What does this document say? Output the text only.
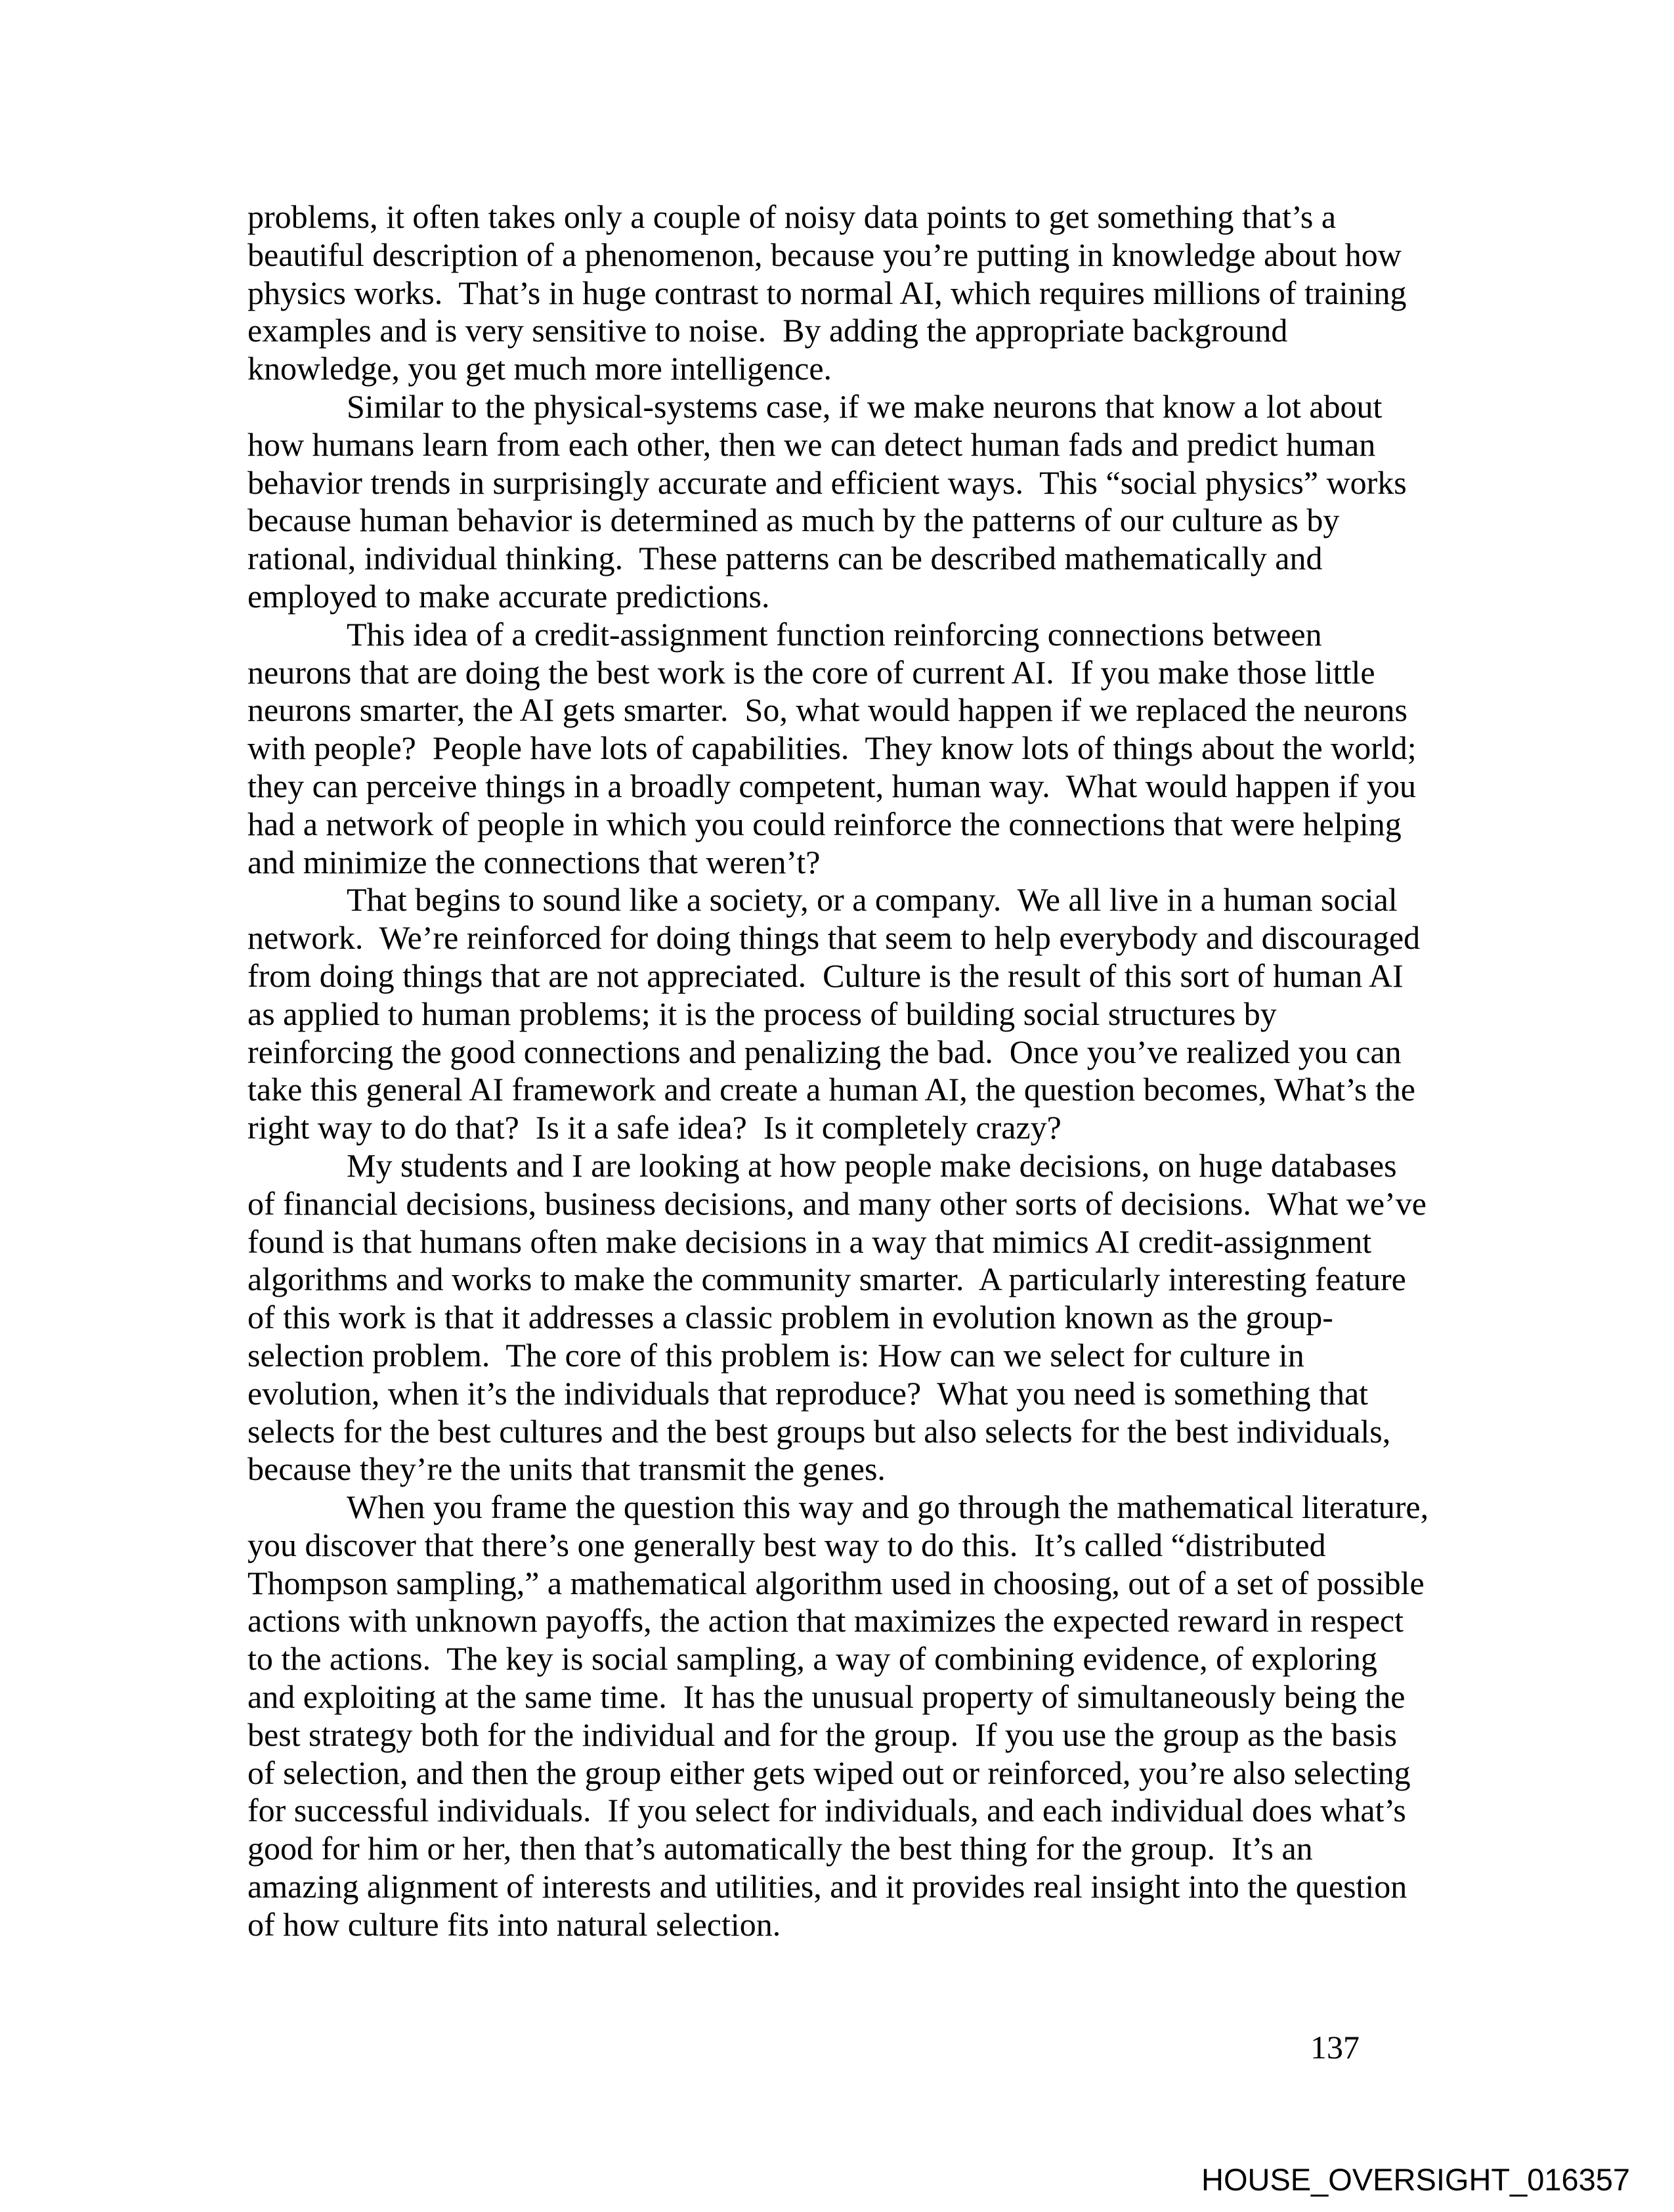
problems, it often takes only a couple of noisy data points to get something that’s a
beautiful description of a phenomenon, because you’re putting in knowledge about how
physics works.  That’s in huge contrast to normal AI, which requires millions of training
examples and is very sensitive to noise.  By adding the appropriate background
knowledge, you get much more intelligence.

Similar to the physical-systems case, if we make neurons that know a lot about
how humans learn from each other, then we can detect human fads and predict human
behavior trends in surprisingly accurate and efficient ways.  This “social physics” works
because human behavior is determined as much by the patterns of our culture as by
rational, individual thinking.  These patterns can be described mathematically and
employed to make accurate predictions.

This idea of a credit-assignment function reinforcing connections between
neurons that are doing the best work is the core of current AI.  If you make those little
neurons smarter, the AI gets smarter.  So, what would happen if we replaced the neurons
with people?  People have lots of capabilities.  They know lots of things about the world;
they can perceive things in a broadly competent, human way.  What would happen if you
had a network of people in which you could reinforce the connections that were helping
and minimize the connections that weren’t?

That begins to sound like a society, or a company.  We all live in a human social
network.  We’re reinforced for doing things that seem to help everybody and discouraged
from doing things that are not appreciated.  Culture is the result of this sort of human AI
as applied to human problems; it is the process of building social structures by
reinforcing the good connections and penalizing the bad.  Once you’ve realized you can
take this general AI framework and create a human AI, the question becomes, What’s the
right way to do that?  Is it a safe idea?  Is it completely crazy?

My students and I are looking at how people make decisions, on huge databases
of financial decisions, business decisions, and many other sorts of decisions.  What we’ve
found is that humans often make decisions in a way that mimics AI credit-assignment
algorithms and works to make the community smarter.  A particularly interesting feature
of this work is that it addresses a classic problem in evolution known as the group-
selection problem.  The core of this problem is: How can we select for culture in
evolution, when it’s the individuals that reproduce?  What you need is something that
selects for the best cultures and the best groups but also selects for the best individuals,
because they’re the units that transmit the genes.

When you frame the question this way and go through the mathematical literature,
you discover that there’s one generally best way to do this.  It’s called “distributed
Thompson sampling,” a mathematical algorithm used in choosing, out of a set of possible
actions with unknown payoffs, the action that maximizes the expected reward in respect
to the actions.  The key is social sampling, a way of combining evidence, of exploring
and exploiting at the same time.  It has the unusual property of simultaneously being the
best strategy both for the individual and for the group.  If you use the group as the basis
of selection, and then the group either gets wiped out or reinforced, you’re also selecting
for successful individuals.  If you select for individuals, and each individual does what’s
good for him or her, then that’s automatically the best thing for the group.  It’s an
amazing alignment of interests and utilities, and it provides real insight into the question
of how culture fits into natural selection.

137
HOUSE_OVERSIGHT_016357
